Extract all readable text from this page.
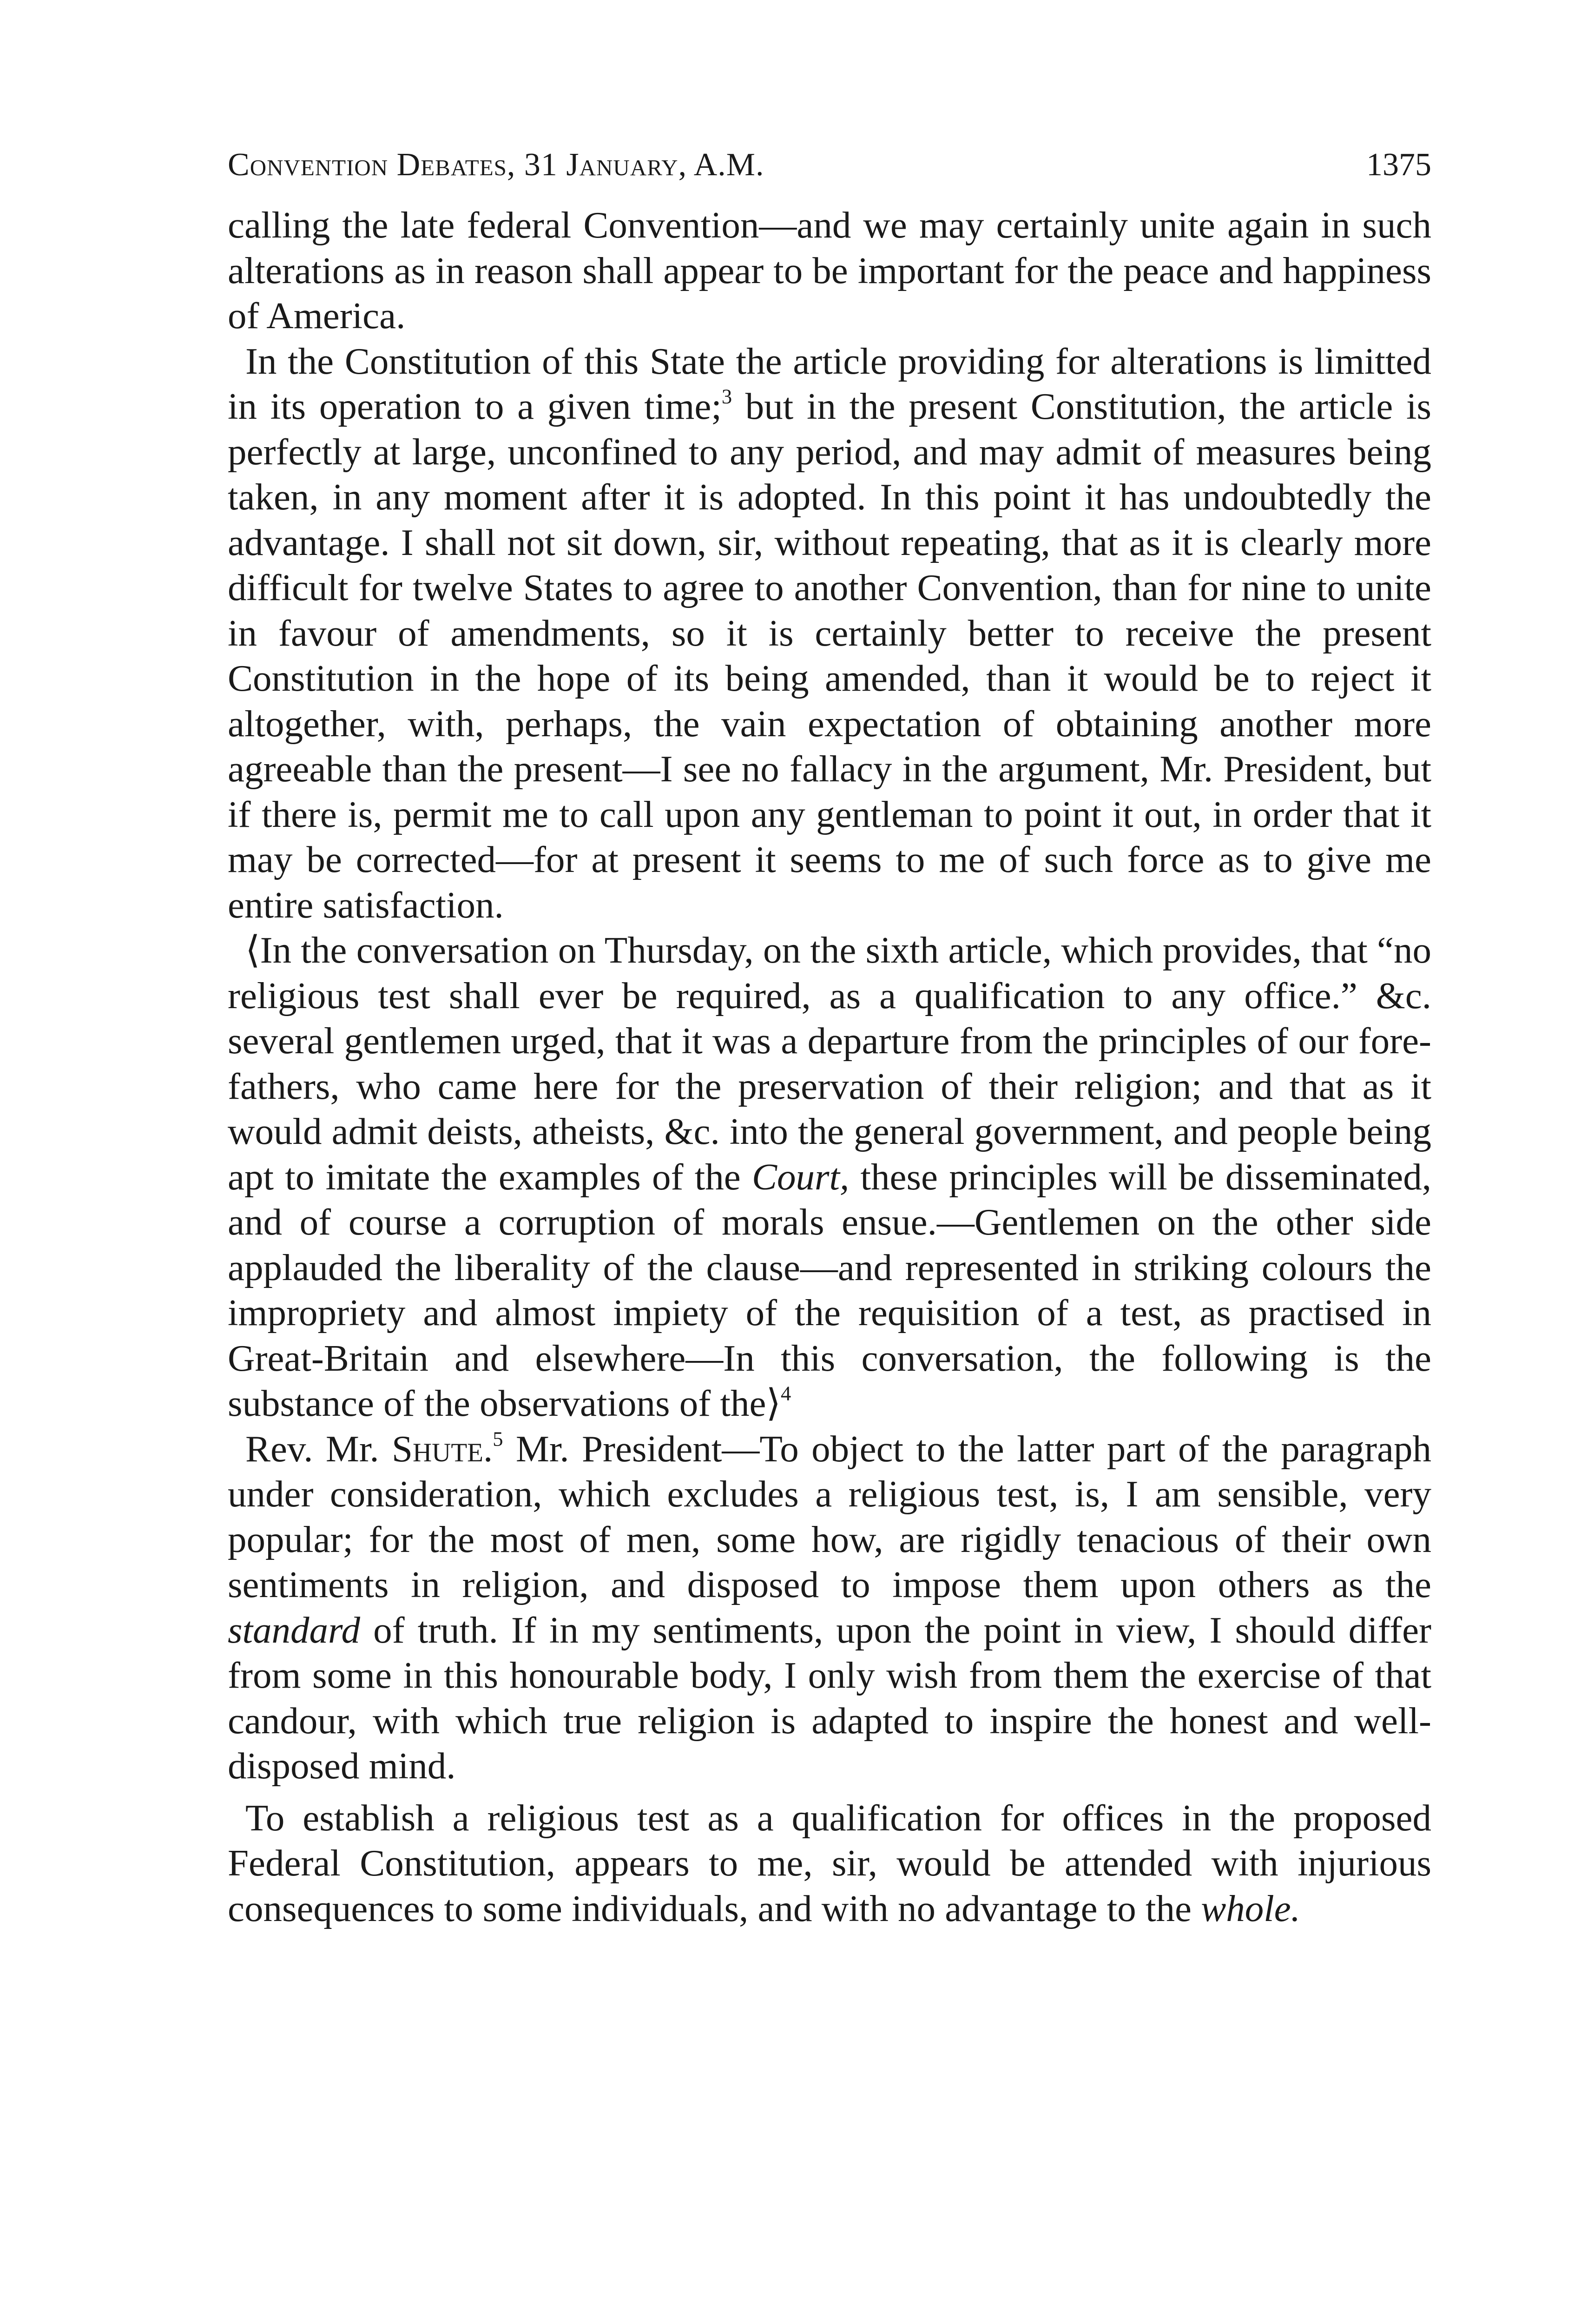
Convention Debates, 31 January, A.M.	1375

calling the late federal Convention—and we may certainly unite again in such alterations as in reason shall appear to be important for the peace and happiness of America.

In the Constitution of this State the article providing for alterations is limitted in its operation to a given time;$^3$ but in the present Constitution, the article is perfectly at large, unconfined to any period, and may admit of measures being taken, in any moment after it is adopted. In this point it has undoubtedly the advantage. I shall not sit down, sir, without repeating, that as it is clearly more difficult for twelve States to agree to another Convention, than for nine to unite in favour of amendments, so it is certainly better to receive the present Constitution in the hope of its being amended, than it would be to reject it altogether, with, perhaps, the vain expectation of obtaining another more agreeable than the present—I see no fallacy in the argument, Mr. President, but if there is, permit me to call upon any gentleman to point it out, in order that it may be corrected—for at present it seems to me of such force as to give me entire satisfaction.

⟨In the conversation on Thursday, on the sixth article, which provides, that “no religious test shall ever be required, as a qualification to any office.” &c. several gentlemen urged, that it was a departure from the principles of our fore-fathers, who came here for the preservation of their religion; and that as it would admit deists, atheists, &c. into the general government, and people being apt to imitate the examples of the Court, these principles will be disseminated, and of course a corruption of morals ensue.—Gentlemen on the other side applauded the liberality of the clause—and represented in striking colours the impropriety and almost impiety of the requisition of a test, as practised in Great-Britain and elsewhere—In this conversation, the following is the substance of the observations of the⟩$^4$

Rev. Mr. Shute.$^5$ Mr. President—To object to the latter part of the paragraph under consideration, which excludes a religious test, is, I am sensible, very popular; for the most of men, some how, are rigidly tenacious of their own sentiments in religion, and disposed to impose them upon others as the standard of truth. If in my sentiments, upon the point in view, I should differ from some in this honourable body, I only wish from them the exercise of that candour, with which true religion is adapted to inspire the honest and well-disposed mind.

To establish a religious test as a qualification for offices in the proposed Federal Constitution, appears to me, sir, would be attended with injurious consequences to some individuals, and with no advantage to the whole.
